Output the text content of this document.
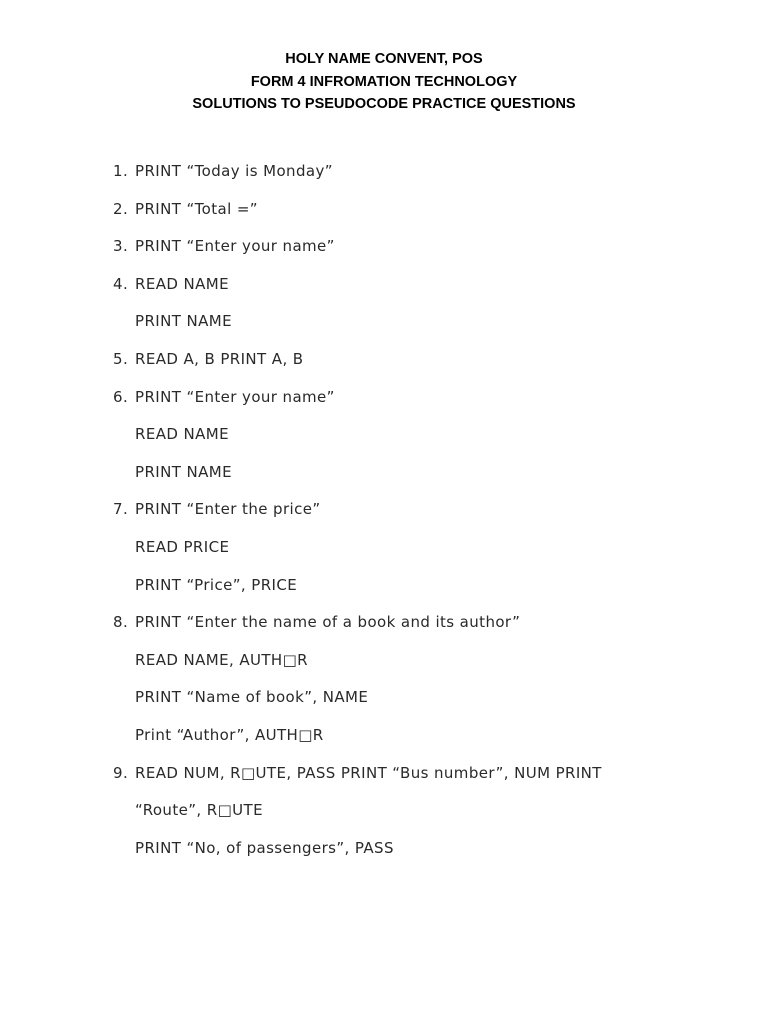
HOLY NAME CONVENT, POS
FORM 4 INFROMATION TECHNOLOGY
SOLUTIONS TO PSEUDOCODE PRACTICE QUESTIONS
1. PRINT “Today is Monday”
2. PRINT “Total =”
3. PRINT “Enter your name”
4. READ NAME
PRINT NAME
5. READ A, B PRINT A, B
6. PRINT “Enter your name”
READ NAME
PRINT NAME
7. PRINT “Enter the price”
READ PRICE
PRINT “Price”, PRICE
8. PRINT “Enter the name of a book and its author”
READ NAME, AUTH□R
PRINT “Name of book”, NAME
Print “Author”, AUTH□R
9. READ NUM, R□UTE, PASS PRINT “Bus number”, NUM PRINT
“Route”, R□UTE
PRINT “No, of passengers”, PASS
